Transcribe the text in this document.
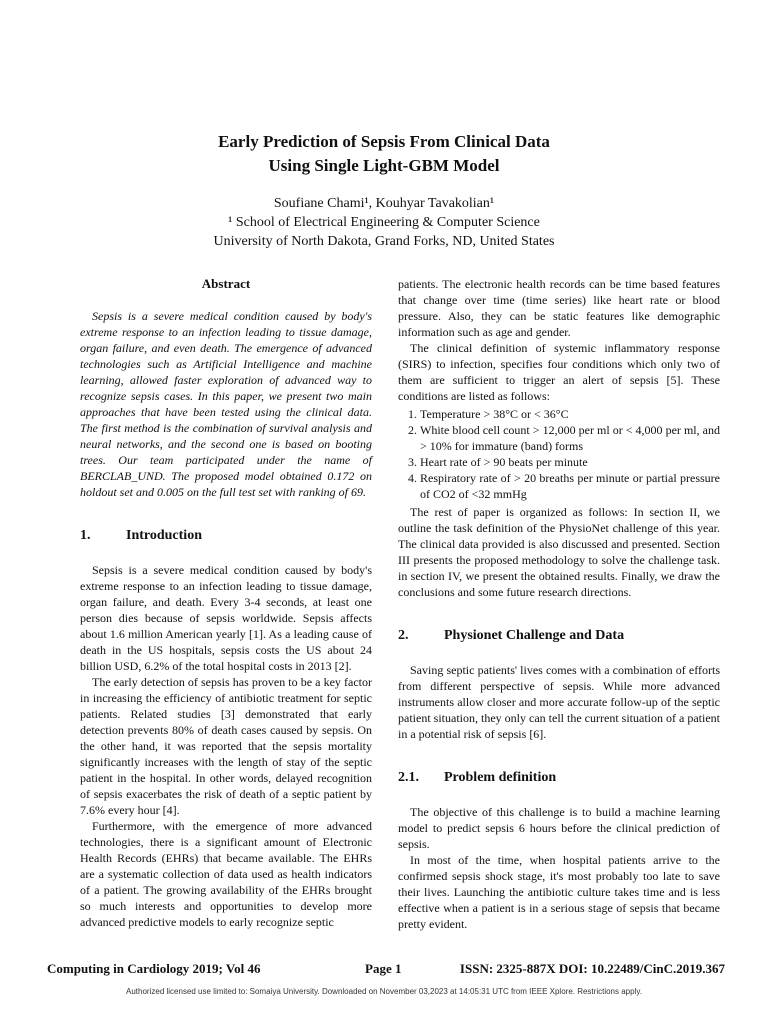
Early Prediction of Sepsis From Clinical Data
Using Single Light-GBM Model
Soufiane Chami¹, Kouhyar Tavakolian¹
¹ School of Electrical Engineering & Computer Science
University of North Dakota, Grand Forks, ND, United States

Abstract

Sepsis is a severe medical condition caused by body's extreme response to an infection leading to tissue damage, organ failure, and even death. The emergence of advanced technologies such as Artificial Intelligence and machine learning, allowed faster exploration of advanced way to recognize sepsis cases. In this paper, we present two main approaches that have been tested using the clinical data. The first method is the combination of survival analysis and neural networks, and the second one is based on booting trees. Our team participated under the name of BERCLAB_UND. The proposed model obtained 0.172 on holdout set and 0.005 on the full test set with ranking of 69.

1.	Introduction

Sepsis is a severe medical condition caused by body's extreme response to an infection leading to tissue damage, organ failure, and death. Every 3-4 seconds, at least one person dies because of sepsis worldwide. Sepsis affects about 1.6 million American yearly [1]. As a leading cause of death in the US hospitals, sepsis costs the US about 24 billion USD, 6.2% of the total hospital costs in 2013 [2].

The early detection of sepsis has proven to be a key factor in increasing the efficiency of antibiotic treatment for septic patients. Related studies [3] demonstrated that early detection prevents 80% of death cases caused by sepsis. On the other hand, it was reported that the sepsis mortality significantly increases with the length of stay of the septic patient in the hospital. In other words, delayed recognition of sepsis exacerbates the risk of death of a septic patient by 7.6% every hour [4].

Furthermore, with the emergence of more advanced technologies, there is a significant amount of Electronic Health Records (EHRs) that became available. The EHRs are a systematic collection of data used as health indicators of a patient. The growing availability of the EHRs brought so much interests and opportunities to develop more advanced predictive models to early recognize septic

patients. The electronic health records can be time based features that change over time (time series) like heart rate or blood pressure. Also, they can be static features like demographic information such as age and gender.

The clinical definition of systemic inflammatory response (SIRS) to infection, specifies four conditions which only two of them are sufficient to trigger an alert of sepsis [5]. These conditions are listed as follows:

1. Temperature > 38°C or < 36°C
2. White blood cell count > 12,000 per ml or < 4,000 per ml, and > 10% for immature (band) forms
3. Heart rate of > 90 beats per minute
4. Respiratory rate of > 20 breaths per minute or partial pressure of CO2 of <32 mmHg

The rest of paper is organized as follows: In section II, we outline the task definition of the PhysioNet challenge of this year. The clinical data provided is also discussed and presented. Section III presents the proposed methodology to solve the challenge task. in section IV, we present the obtained results. Finally, we draw the conclusions and some future research directions.

2.	Physionet Challenge and Data

Saving septic patients' lives comes with a combination of efforts from different perspective of sepsis. While more advanced instruments allow closer and more accurate follow-up of the septic patient situation, they only can tell the current situation of a patient in a potential risk of sepsis [6].

2.1. Problem definition

The objective of this challenge is to build a machine learning model to predict sepsis 6 hours before the clinical prediction of sepsis.

In most of the time, when hospital patients arrive to the confirmed sepsis shock stage, it's most probably too late to save their lives. Launching the antibiotic culture takes time and is less effective when a patient is in a serious stage of sepsis that became pretty evident.

Computing in Cardiology 2019; Vol 46	Page 1	ISSN: 2325-887X DOI: 10.22489/CinC.2019.367
Authorized licensed use limited to: Somaiya University. Downloaded on November 03,2023 at 14:05:31 UTC from IEEE Xplore. Restrictions apply.
